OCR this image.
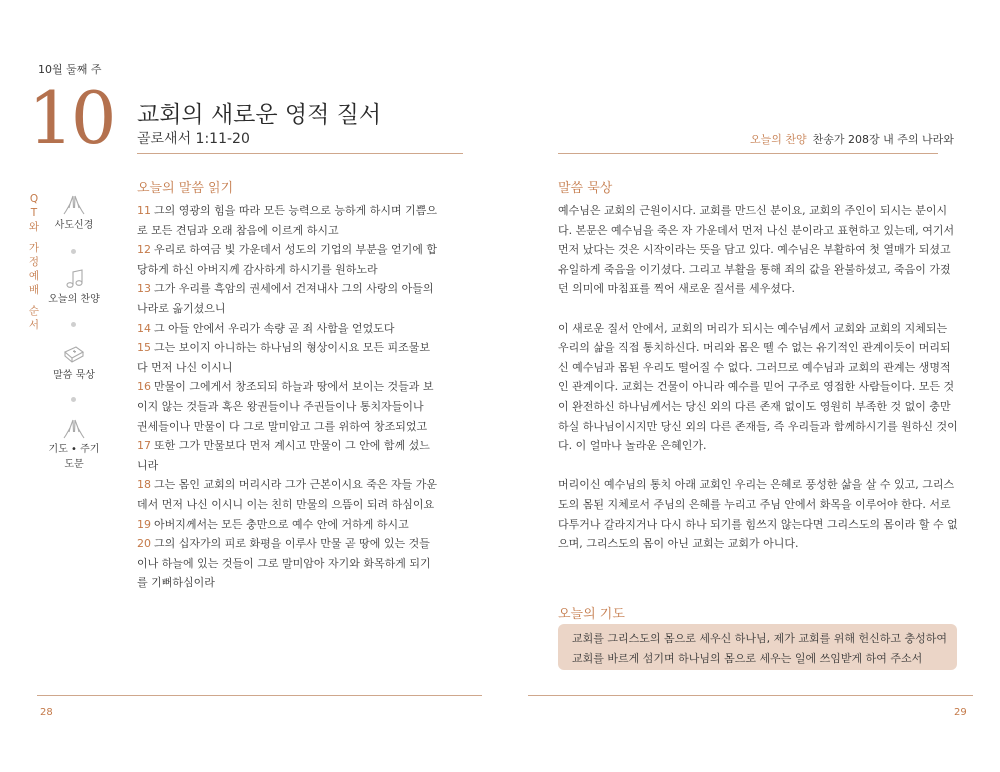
10월 둘째 주
10 교회의 새로운 영적 질서
골로새서 1:11-20	오늘의 찬양 찬송가 208장 내 주의 나라와
Q
T
와
가
정
예
배
순
서
사도신경
오늘의 찬양
말씀 묵상
기도 • 주기도문
오늘의 말씀 읽기

11 그의 영광의 힘을 따라 모든 능력으로 능하게 하시며 기쁨으로 모든 견딤과 오래 참음에 이르게 하시고

12 우리로 하여금 빛 가운데서 성도의 기업의 부분을 얻기에 합당하게 하신 아버지께 감사하게 하시기를 원하노라

13 그가 우리를 흑암의 권세에서 건져내사 그의 사랑의 아들의 나라로 옮기셨으니

14 그 아들 안에서 우리가 속량 곧 죄 사함을 얻었도다

15 그는 보이지 아니하는 하나님의 형상이시요 모든 피조물보다 먼저 나신 이시니

16 만물이 그에게서 창조되되 하늘과 땅에서 보이는 것들과 보이지 않는 것들과 혹은 왕권들이나 주권들이나 통치자들이나 권세들이나 만물이 다 그로 말미암고 그를 위하여 창조되었고

17 또한 그가 만물보다 먼저 계시고 만물이 그 안에 함께 섰느니라

18 그는 몸인 교회의 머리시라 그가 근본이시요 죽은 자들 가운데서 먼저 나신 이시니 이는 친히 만물의 으뜸이 되려 하심이요

19 아버지께서는 모든 충만으로 예수 안에 거하게 하시고

20 그의 십자가의 피로 화평을 이루사 만물 곧 땅에 있는 것들이나 하늘에 있는 것들이 그로 말미암아 자기와 화목하게 되기를 기뻐하심이라

말씀 묵상

예수님은 교회의 근원이시다. 교회를 만드신 분이요, 교회의 주인이 되시는 분이시다. 본문은 예수님을 죽은 자 가운데서 먼저 나신 분이라고 표현하고 있는데, 여기서 먼저 났다는 것은 시작이라는 뜻을 담고 있다. 예수님은 부활하여 첫 열매가 되셨고 유일하게 죽음을 이기셨다. 그리고 부활을 통해 죄의 값을 완불하셨고, 죽음이 가졌던 의미에 마침표를 찍어 새로운 질서를 세우셨다.

이 새로운 질서 안에서, 교회의 머리가 되시는 예수님께서 교회와 교회의 지체되는 우리의 삶을 직접 통치하신다. 머리와 몸은 뗄 수 없는 유기적인 관계이듯이 머리되신 예수님과 몸된 우리도 떨어질 수 없다. 그러므로 예수님과 교회의 관계는 생명적인 관계이다. 교회는 건물이 아니라 예수를 믿어 구주로 영접한 사람들이다. 모든 것이 완전하신 하나님께서는 당신 외의 다른 존재 없이도 영원히 부족한 것 없이 충만하실 하나님이시지만 당신 외의 다른 존재들, 즉 우리들과 함께하시기를 원하신 것이다. 이 얼마나 놀라운 은혜인가.

머리이신 예수님의 통치 아래 교회인 우리는 은혜로 풍성한 삶을 살 수 있고, 그리스도의 몸된 지체로서 주님의 은혜를 누리고 주님 안에서 화목을 이루어야 한다. 서로 다투거나 갈라지거나 다시 하나 되기를 힘쓰지 않는다면 그리스도의 몸이라 할 수 없으며, 그리스도의 몸이 아닌 교회는 교회가 아니다.

오늘의 기도
교회를 그리스도의 몸으로 세우신 하나님, 제가 교회를 위해 헌신하고 충성하여
교회를 바르게 섬기며 하나님의 몸으로 세우는 일에 쓰임받게 하여 주소서
28	29
